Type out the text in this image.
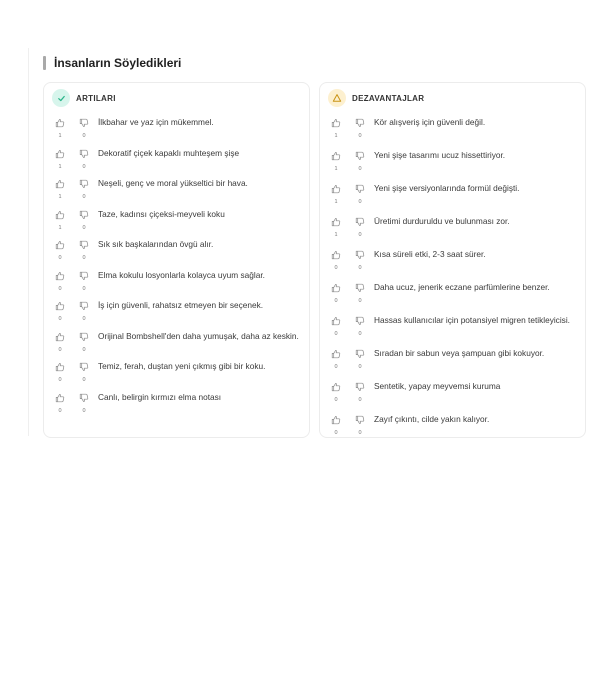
İnsanların Söyledikleri
ARTILARI
1	0
İlkbahar ve yaz için mükemmel.
1	0
Dekoratif çiçek kapaklı muhteşem şişe
1	0
Neşeli, genç ve moral yükseltici bir hava.
1	0
Taze, kadınsı çiçeksi-meyveli koku
0	0
Sık sık başkalarından övgü alır.
0	0
Elma kokulu losyonlarla kolayca uyum sağlar.
0	0
İş için güvenli, rahatsız etmeyen bir seçenek.
0	0
Orijinal Bombshell'den daha yumuşak, daha az keskin.
0	0
Temiz, ferah, duştan yeni çıkmış gibi bir koku.
0	0
Canlı, belirgin kırmızı elma notası
DEZAVANTAJLAR
1	0
Kör alışveriş için güvenli değil.
1	0
Yeni şişe tasarımı ucuz hissettiriyor.
1	0
Yeni şişe versiyonlarında formül değişti.
1	0
Üretimi durduruldu ve bulunması zor.
0	0
Kısa süreli etki, 2-3 saat sürer.
0	0
Daha ucuz, jenerik eczane parfümlerine benzer.
0	0
Hassas kullanıcılar için potansiyel migren tetikleyicisi.
0	0
Sıradan bir sabun veya şampuan gibi kokuyor.
0	0
Sentetik, yapay meyvemsi kuruma
0	0
Zayıf çıkıntı, cilde yakın kalıyor.
